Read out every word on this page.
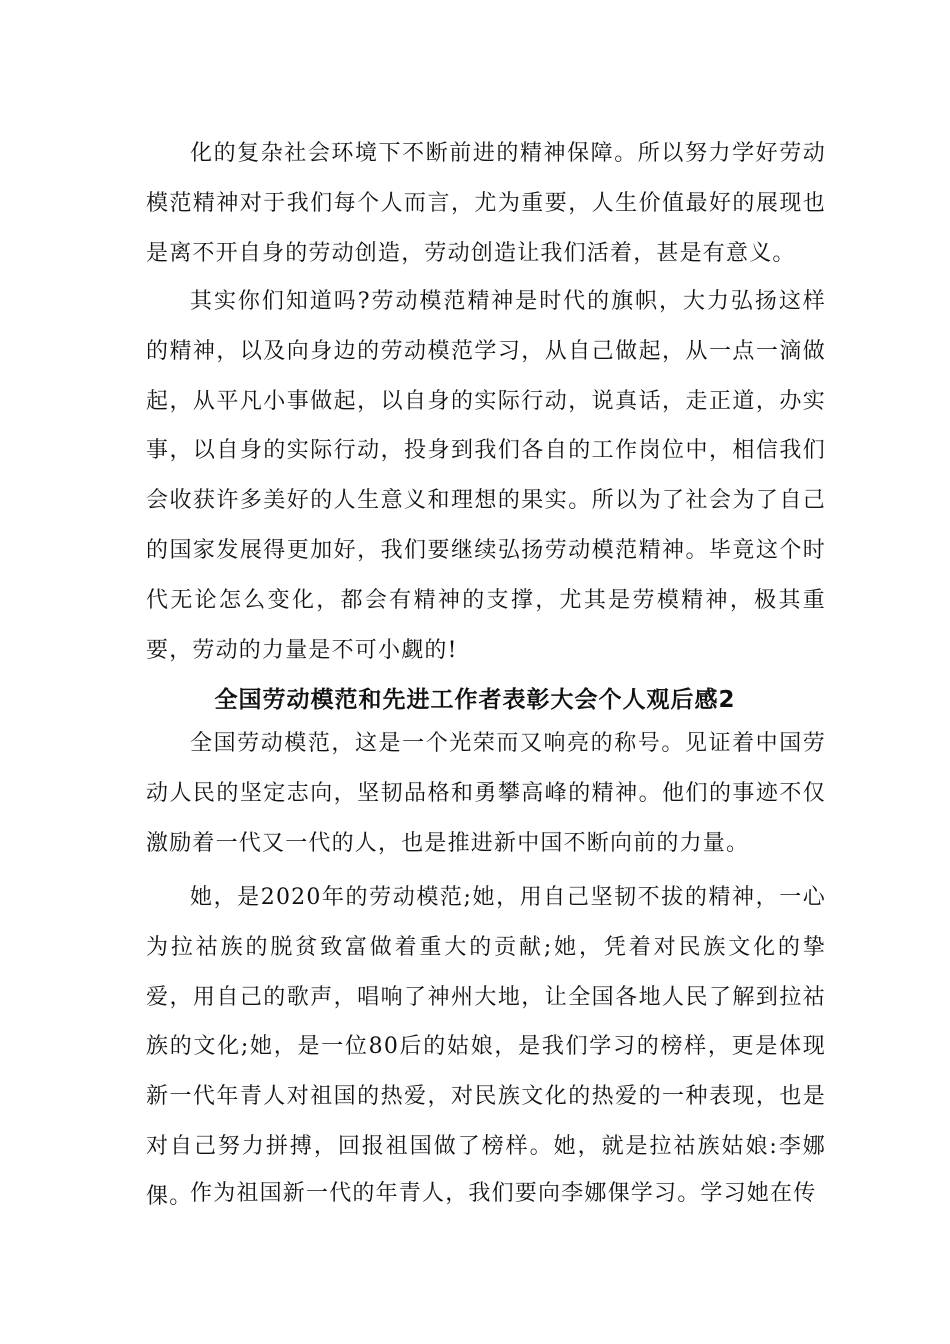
化的复杂社会环境下不断前进的精神保障。所以努力学好劳动模范精神对于我们每个人而言，尤为重要，人生价值最好的展现也是离不开自身的劳动创造，劳动创造让我们活着，甚是有意义。

其实你们知道吗?劳动模范精神是时代的旗帜，大力弘扬这样的精神，以及向身边的劳动模范学习，从自己做起，从一点一滴做起，从平凡小事做起，以自身的实际行动，说真话，走正道，办实事，以自身的实际行动，投身到我们各自的工作岗位中，相信我们会收获许多美好的人生意义和理想的果实。所以为了社会为了自己的国家发展得更加好，我们要继续弘扬劳动模范精神。毕竟这个时代无论怎么变化，都会有精神的支撑，尤其是劳模精神，极其重要，劳动的力量是不可小觑的!

全国劳动模范和先进工作者表彰大会个人观后感2

全国劳动模范，这是一个光荣而又响亮的称号。见证着中国劳动人民的坚定志向，坚韧品格和勇攀高峰的精神。他们的事迹不仅激励着一代又一代的人，也是推进新中国不断向前的力量。

她，是2020年的劳动模范;她，用自己坚韧不拔的精神，一心为拉祜族的脱贫致富做着重大的贡献;她，凭着对民族文化的挚爱，用自己的歌声，唱响了神州大地，让全国各地人民了解到拉祜族的文化;她，是一位80后的姑娘，是我们学习的榜样，更是体现新一代年青人对祖国的热爱，对民族文化的热爱的一种表现，也是对自己努力拼搏，回报祖国做了榜样。她，就是拉祜族姑娘:李娜倮。

作为祖国新一代的年青人，我们要向李娜倮学习。学习她在传
